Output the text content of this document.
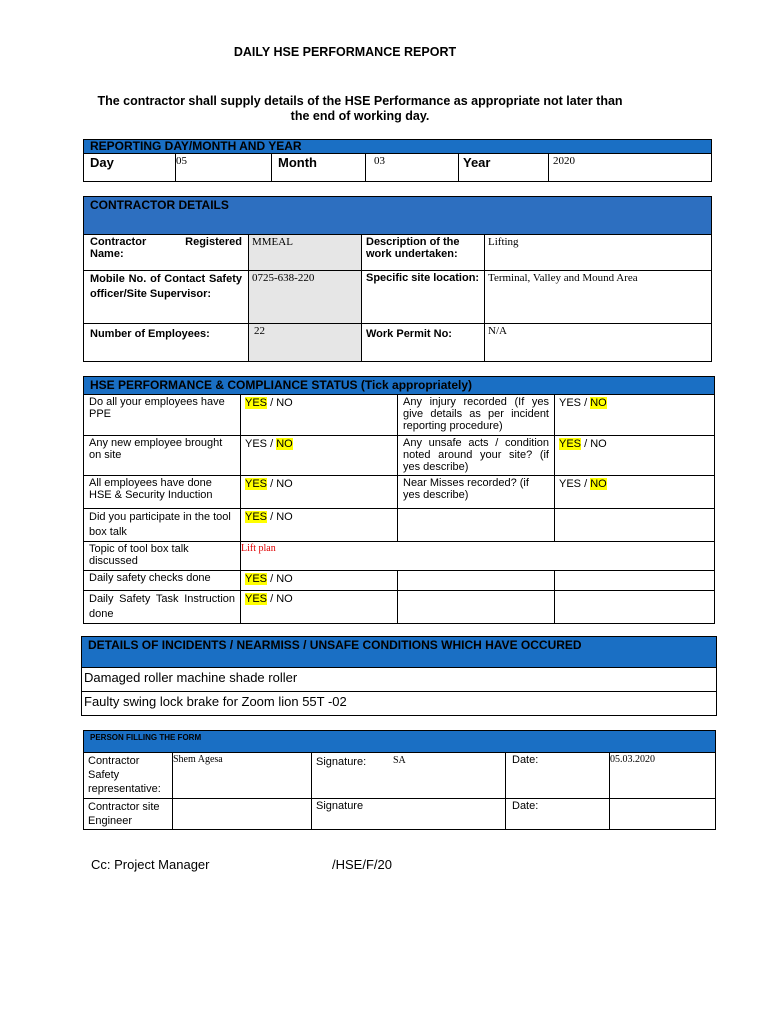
DAILY HSE PERFORMANCE REPORT
The contractor shall supply details of the HSE Performance as appropriate not later than
the end of working day.
REPORTING DAY/MONTH AND YEAR
Day	05	Month	03	Year	2020
CONTRACTOR DETAILS			
Contractor Registered Name:	MMEAL	Description of the work undertaken:	Lifting
Mobile No. of Contact Safety officer/Site Supervisor:	0725-638-220	Specific site location:	Terminal, Valley and Mound Area
Number of Employees:	22	Work Permit No:	N/A
HSE PERFORMANCE & COMPLIANCE STATUS (Tick appropriately)			
Do all your employees have PPE	YES / NO	Any injury recorded (If yes give details as per incident reporting procedure)	YES / NO
Any new employee brought on site	YES / NO	Any unsafe acts / condition noted around your site? (if yes describe)	YES / NO
All employees have done HSE & Security Induction	YES / NO	Near Misses recorded? (if yes describe)	YES / NO
Did you participate in the tool box talk	YES / NO		
Topic of tool box talk discussed	Lift plan		
Daily safety checks done	YES / NO		
Daily Safety Task Instruction done	YES / NO		
DETAILS OF INCIDENTS / NEARMISS / UNSAFE CONDITIONS WHICH HAVE OCCURED
Damaged roller machine shade roller
Faulty swing lock brake for Zoom lion 55T -02
PERSON FILLING THE FORM				
Contractor Safety representative:	Shem Agesa	Signature: SA	Date:	05.03.2020
Contractor site Engineer		Signature	Date:	
Cc: Project Manager	/HSE/F/20
